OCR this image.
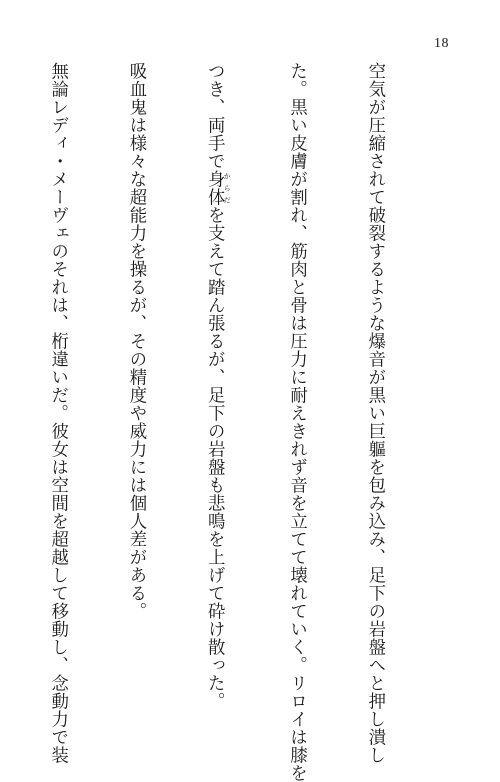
18

空気が圧縮されて破裂するような爆音が黒い巨軀を包み込み、足下の岩盤へと押し潰し

た。黒い皮膚が割れ、筋肉と骨は圧力に耐えきれず音を立てて壊れていく。リロイは膝を

つき、両手で身体 からだを支えて踏ん張るが、足下の岩盤も悲鳴を上げて砕け散った。

吸血鬼は様々な超能力を操るが、その精度や威力には個人差がある。

無論レディ・メーヴェのそれは、桁違いだ。彼女は空間を超越して移動し、念動力で装
